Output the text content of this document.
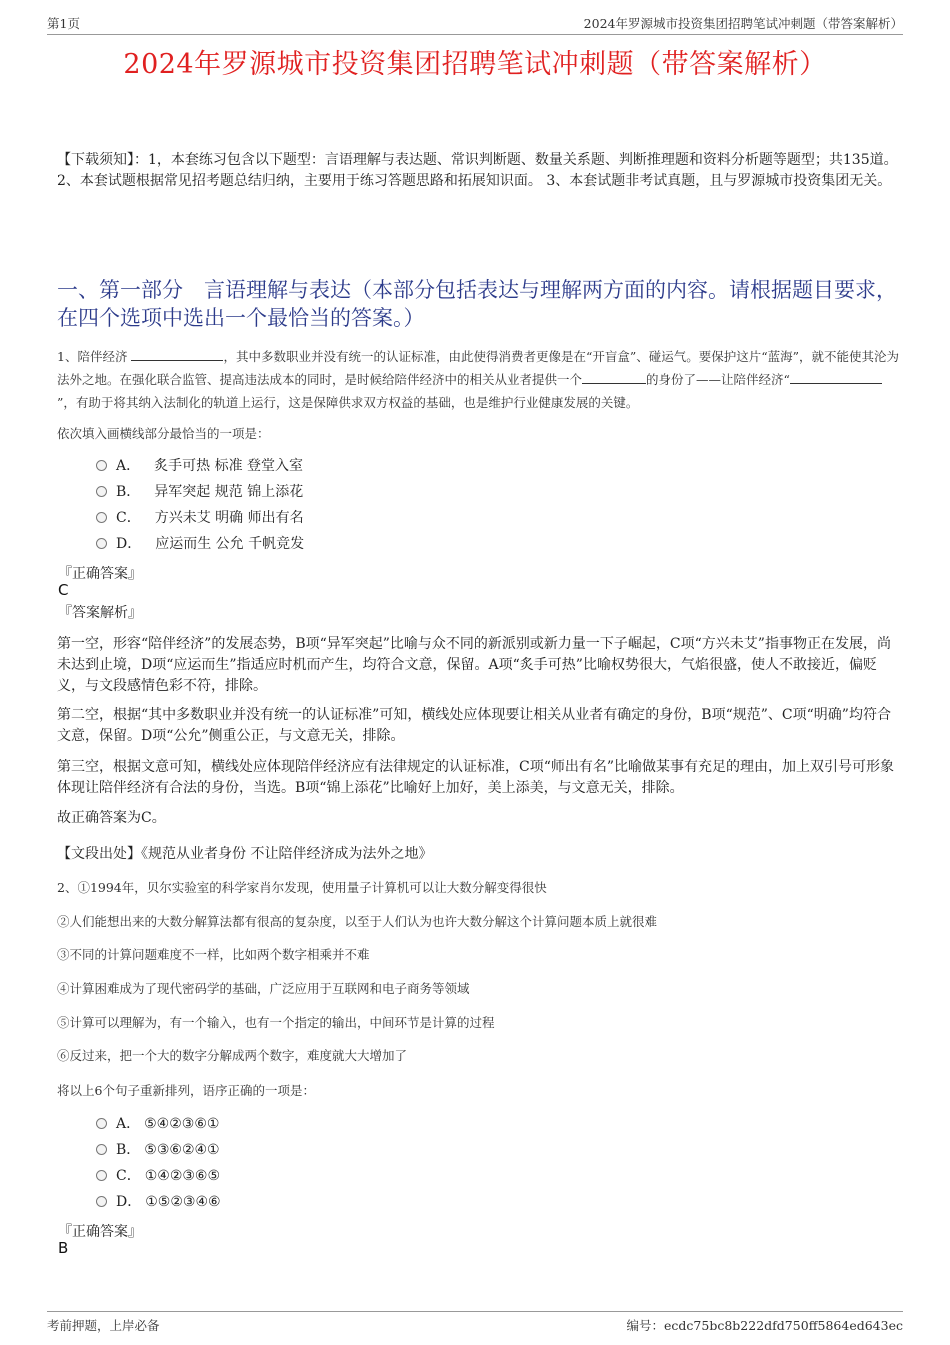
第1页	2024年罗源城市投资集团招聘笔试冲刺题（带答案解析）
2024年罗源城市投资集团招聘笔试冲刺题（带答案解析）
【下载须知】：1，本套练习包含以下题型：言语理解与表达题、常识判断题、数量关系题、判断推理题和资料分析题等题型；共135道。 2、本套试题根据常见招考题总结归纳，主要用于练习答题思路和拓展知识面。 3、本套试题非考试真题，且与罗源城市投资集团无关。
一、第一部分　言语理解与表达（本部分包括表达与理解两方面的内容。请根据题目要求，在四个选项中选出一个最恰当的答案。）
1、陪伴经济	，其中多数职业并没有统一的认证标准，由此使得消费者更像是在“开盲盒”、碰运气。要保护这片“蓝海”，就不能使其沦为法外之地。在强化联合监管、提高违法成本的同时，是时候给陪伴经济中的相关从业者提供一个	的身份了——让陪伴经济“”，有助于将其纳入法制化的轨道上运行，这是保障供求双方权益的基础，也是维护行业健康发展的关键。
依次填入画横线部分最恰当的一项是：
A． 炙手可热 标准 登堂入室
B． 异军突起 规范 锦上添花
C． 方兴未艾 明确 师出有名
D． 应运而生 公允 千帆竞发
『正确答案』
C
『答案解析』

第一空，形容“陪伴经济”的发展态势，B项“异军突起”比喻与众不同的新派别或新力量一下子崛起，C项“方兴未艾”指事物正在发展，尚未达到止境，D项“应运而生”指适应时机而产生，均符合文意，保留。A项“炙手可热”比喻权势很大，气焰很盛，使人不敢接近，偏贬义，与文段感情色彩不符，排除。

第二空，根据“其中多数职业并没有统一的认证标准”可知，横线处应体现要让相关从业者有确定的身份，B项“规范”、C项“明确”均符合文意，保留。D项“公允”侧重公正，与文意无关，排除。

第三空，根据文意可知，横线处应体现陪伴经济应有法律规定的认证标准，C项“师出有名”比喻做某事有充足的理由，加上双引号可形象体现让陪伴经济有合法的身份，当选。B项“锦上添花”比喻好上加好，美上添美，与文意无关，排除。

故正确答案为C。

【文段出处】《规范从业者身份 不让陪伴经济成为法外之地》
2、①1994年，贝尔实验室的科学家肖尔发现，使用量子计算机可以让大数分解变得很快
②人们能想出来的大数分解算法都有很高的复杂度，以至于人们认为也许大数分解这个计算问题本质上就很难
③不同的计算问题难度不一样，比如两个数字相乘并不难
④计算困难成为了现代密码学的基础，广泛应用于互联网和电子商务等领域
⑤计算可以理解为，有一个输入，也有一个指定的输出，中间环节是计算的过程
⑥反过来，把一个大的数字分解成两个数字，难度就大大增加了
将以上6个句子重新排列，语序正确的一项是：
A． ⑤④②③⑥①
B． ⑤③⑥②④①
C． ①④②③⑥⑤
D． ①⑤②③④⑥
『正确答案』
B
考前押题，上岸必备	编号：ecdc75bc8b222dfd750ff5864ed643ec
